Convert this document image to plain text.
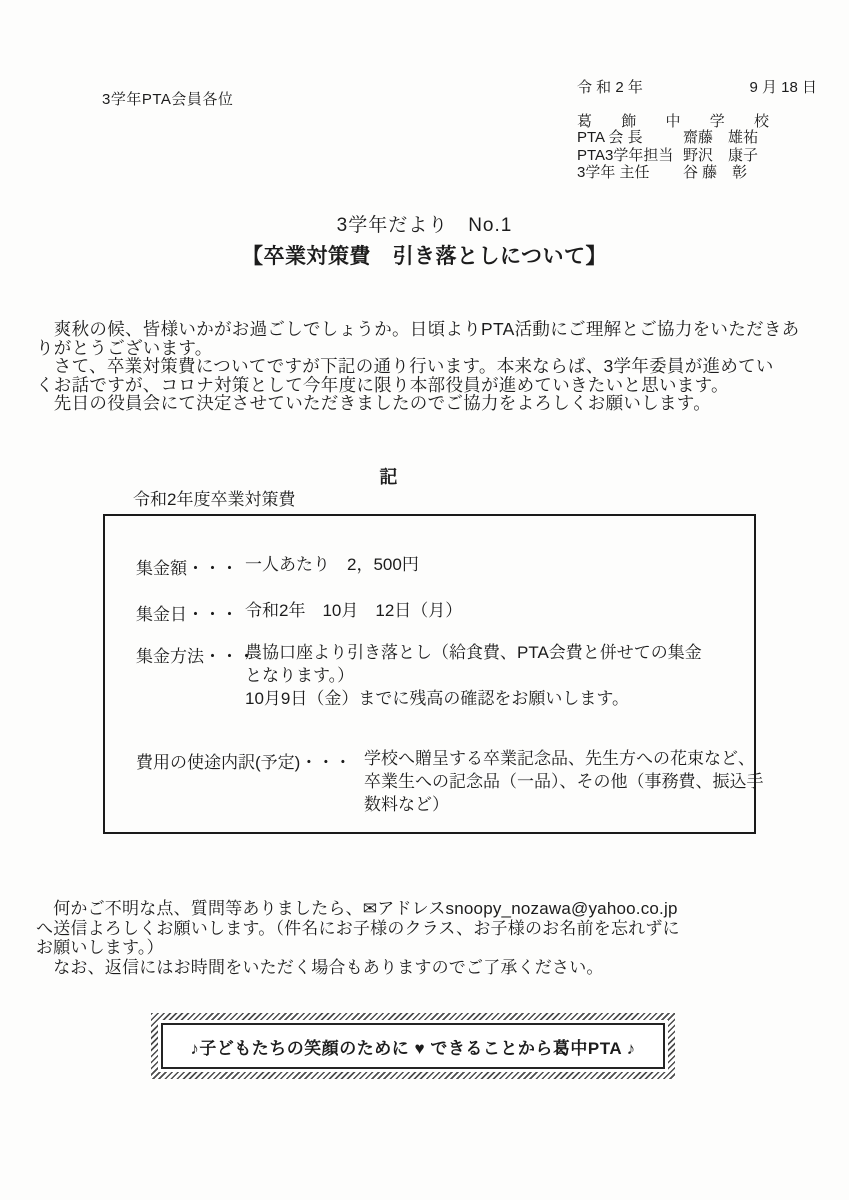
3学年PTA会員各位
令 和 2 年	9 月 18 日
葛 飾 中 学 校
PTA 会 長	齋藤　雄祐
PTA3学年担当 野沢　康子
3学年 主任	谷 藤　彰
3学年だより　No.1
【卒業対策費　引き落としについて】
　爽秋の候、皆様いかがお過ごしでしょうか。日頃よりPTA活動にご理解とご協力をいただきあ
りがとうございます。
　さて、卒業対策費についてですが下記の通り行います。本来ならば、3学年委員が進めてい
くお話ですが、コロナ対策として今年度に限り本部役員が進めていきたいと思います。
　先日の役員会にて決定させていただきましたのでご協力をよろしくお願いします。
記
令和2年度卒業対策費
集金額・・・ 一人あたり　2，500円
集金日・・・ 令和2年　10月　12日（月）
集金方法・・・
農協口座より引き落とし（給食費、PTA会費と併せての集金
となります。）
10月9日（金）までに残高の確認をお願いします。
費用の使途内訳(予定)・・・ 学校へ贈呈する卒業記念品、先生方への花束など、
卒業生への記念品（一品）、その他（事務費、振込手
数料など）
　何かご不明な点、質問等ありましたら、✉アドレスsnoopy_nozawa@yahoo.co.jp
へ送信よろしくお願いします。（件名にお子様のクラス、お子様のお名前を忘れずに
お願いします。）
　なお、返信にはお時間をいただく場合もありますのでご了承ください。
♪子どもたちの笑顔のために ♥ できることから葛中PTA ♪
